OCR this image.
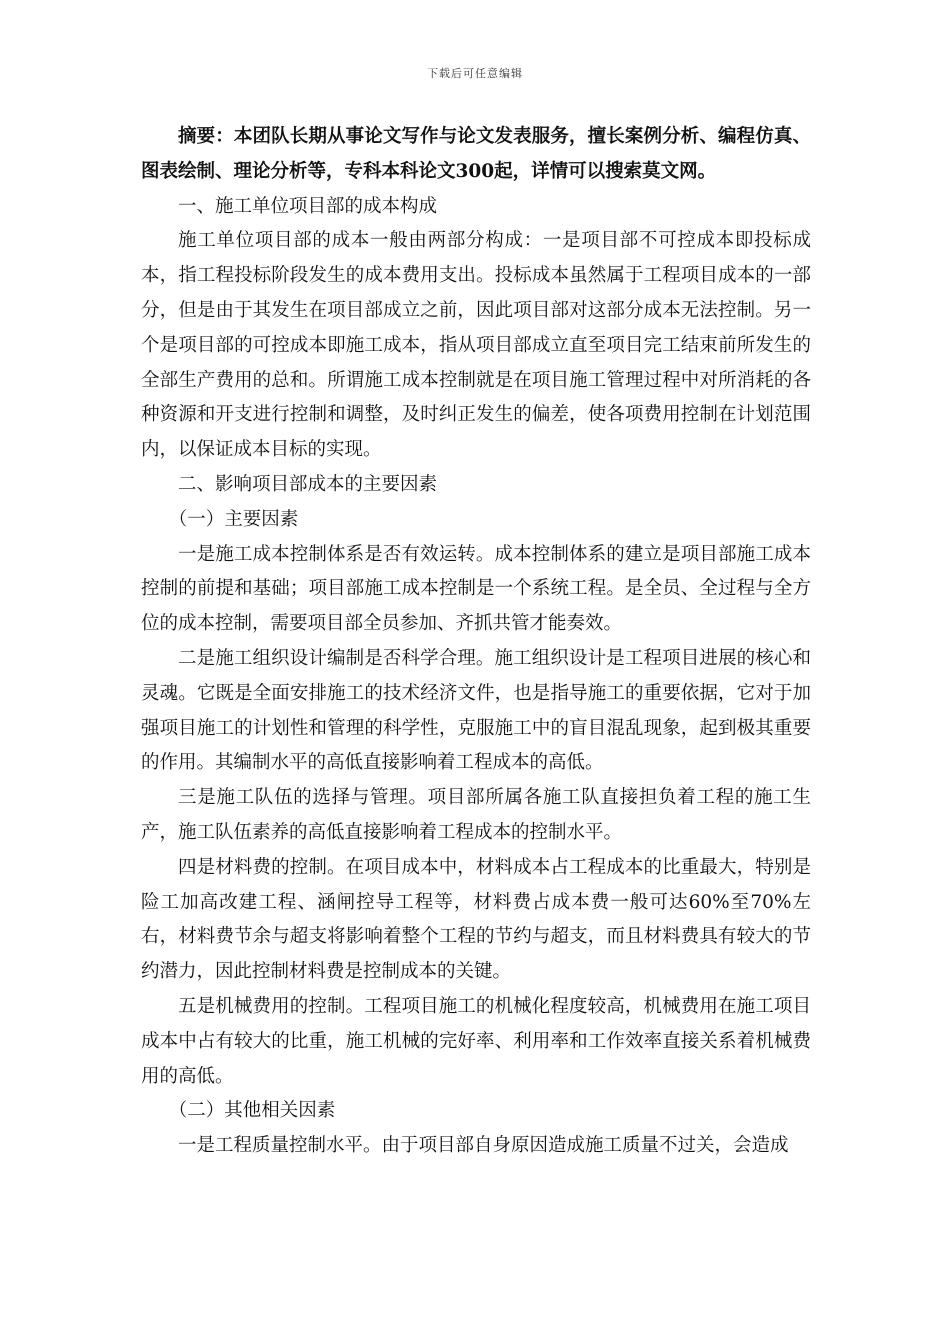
下载后可任意编辑

摘要：本团队长期从事论文写作与论文发表服务，擅长案例分析、编程仿真、图表绘制、理论分析等，专科本科论文300起，详情可以搜索莫文网。

一、施工单位项目部的成本构成

施工单位项目部的成本一般由两部分构成：一是项目部不可控成本即投标成本，指工程投标阶段发生的成本费用支出。投标成本虽然属于工程项目成本的一部分，但是由于其发生在项目部成立之前，因此项目部对这部分成本无法控制。另一个是项目部的可控成本即施工成本，指从项目部成立直至项目完工结束前所发生的全部生产费用的总和。所谓施工成本控制就是在项目施工管理过程中对所消耗的各种资源和开支进行控制和调整，及时纠正发生的偏差，使各项费用控制在计划范围内，以保证成本目标的实现。

二、影响项目部成本的主要因素

（一）主要因素

一是施工成本控制体系是否有效运转。成本控制体系的建立是项目部施工成本控制的前提和基础；项目部施工成本控制是一个系统工程。是全员、全过程与全方位的成本控制，需要项目部全员参加、齐抓共管才能奏效。

二是施工组织设计编制是否科学合理。施工组织设计是工程项目进展的核心和灵魂。它既是全面安排施工的技术经济文件，也是指导施工的重要依据，它对于加强项目施工的计划性和管理的科学性，克服施工中的盲目混乱现象，起到极其重要的作用。其编制水平的高低直接影响着工程成本的高低。

三是施工队伍的选择与管理。项目部所属各施工队直接担负着工程的施工生产，施工队伍素养的高低直接影响着工程成本的控制水平。

四是材料费的控制。在项目成本中，材料成本占工程成本的比重最大，特别是险工加高改建工程、涵闸控导工程等，材料费占成本费一般可达60%至70%左右，材料费节余与超支将影响着整个工程的节约与超支，而且材料费具有较大的节约潜力，因此控制材料费是控制成本的关键。

五是机械费用的控制。工程项目施工的机械化程度较高，机械费用在施工项目成本中占有较大的比重，施工机械的完好率、利用率和工作效率直接关系着机械费用的高低。

（二）其他相关因素

一是工程质量控制水平。由于项目部自身原因造成施工质量不过关，会造成
